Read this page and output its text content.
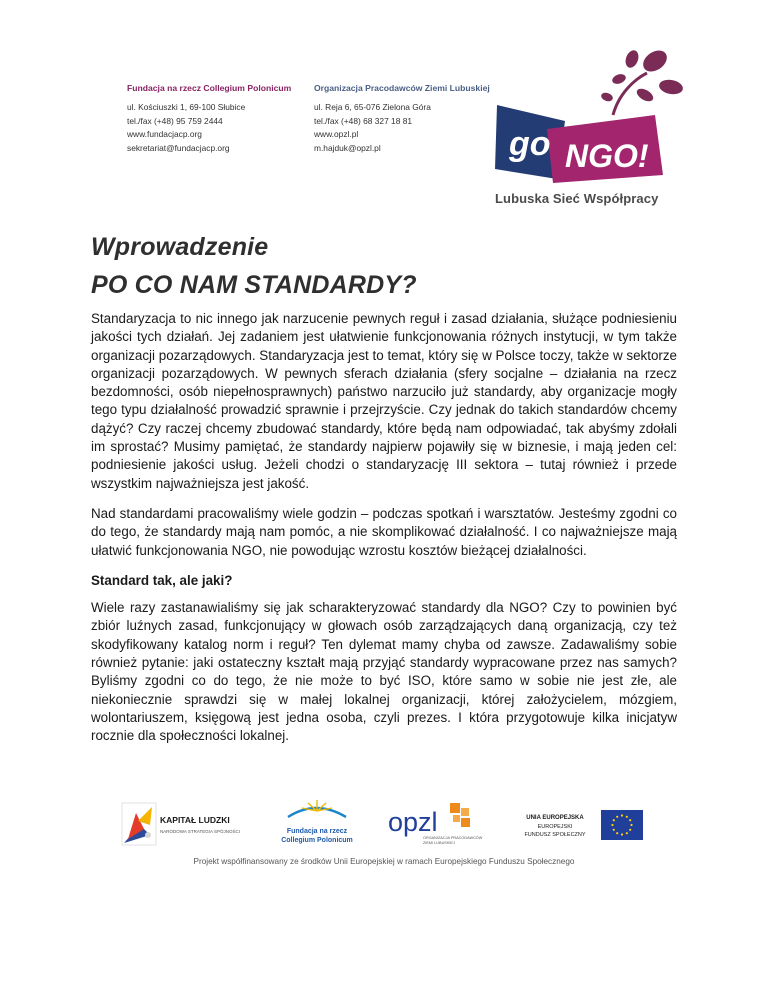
Fundacja na rzecz Collegium Polonicum
ul. Kościuszki 1, 69-100 Słubice
tel./fax (+48) 95 759 2444
www.fundacjacp.org
sekretariat@fundacjacp.org
Organizacja Pracodawców Ziemi Lubuskiej
ul. Reja 6, 65-076 Zielona Góra
tel./fax (+48) 68 327 18 81
www.opzl.pl
m.hajduk@opzl.pl	go NGO!
Lubuska Sieć Współpracy
Wprowadzenie
PO CO NAM STANDARDY?

Standaryzacja to nic innego jak narzucenie pewnych reguł i zasad działania, służące podniesieniu jakości tych działań. Jej zadaniem jest ułatwienie funkcjonowania różnych instytucji, w tym także organizacji pozarządowych. Standaryzacja jest to temat, który się w Polsce toczy, także w sektorze organizacji pozarządowych. W pewnych sferach działania (sfery socjalne – działania na rzecz bezdomności, osób niepełnosprawnych) państwo narzuciło już standardy, aby organizacje mogły tego typu działalność prowadzić sprawnie i przejrzyście. Czy jednak do takich standardów chcemy dążyć? Czy raczej chcemy zbudować standardy, które będą nam odpowiadać, tak abyśmy zdołali im sprostać? Musimy pamiętać, że standardy najpierw pojawiły się w biznesie, i mają jeden cel: podniesienie jakości usług. Jeżeli chodzi o standaryzację III sektora – tutaj również i przede wszystkim najważniejsza jest jakość.

Nad standardami pracowaliśmy wiele godzin – podczas spotkań i warsztatów. Jesteśmy zgodni co do tego, że standardy mają nam pomóc, a nie skomplikować działalność. I co najważniejsze mają ułatwić funkcjonowania NGO, nie powodując wzrostu kosztów bieżącej działalności.

Standard tak, ale jaki?

Wiele razy zastanawialiśmy się jak scharakteryzować standardy dla NGO? Czy to powinien być zbiór luźnych zasad, funkcjonujący w głowach osób zarządzających daną organizacją, czy też skodyfikowany katalog norm i reguł? Ten dylemat mamy chyba od zawsze. Zadawaliśmy sobie również pytanie: jaki ostateczny kształt mają przyjąć standardy wypracowane przez nas samych? Byliśmy zgodni co do tego, że nie może to być ISO, które samo w sobie nie jest złe, ale niekoniecznie sprawdzi się w małej lokalnej organizacji, której założycielem, mózgiem, wolontariuszem, księgową jest jedna osoba, czyli prezes. I która przygotowuje kilka inicjatyw rocznie dla społeczności lokalnej.

KAPITAŁ LUDZKI
NARODOWA STRATEGIA SPÓJNOŚCI	Fundacja na rzecz
Collegium Polonicum
opzl
ORGANIZACJA PRACODAWCÓW
ZIEMI LUBUSKIEJ
UNIA EUROPEJSKA
EUROPEJSKI
FUNDUSZ SPOŁECZNY
Projekt współfinansowany ze środków Unii Europejskiej w ramach Europejskiego Funduszu Społecznego
